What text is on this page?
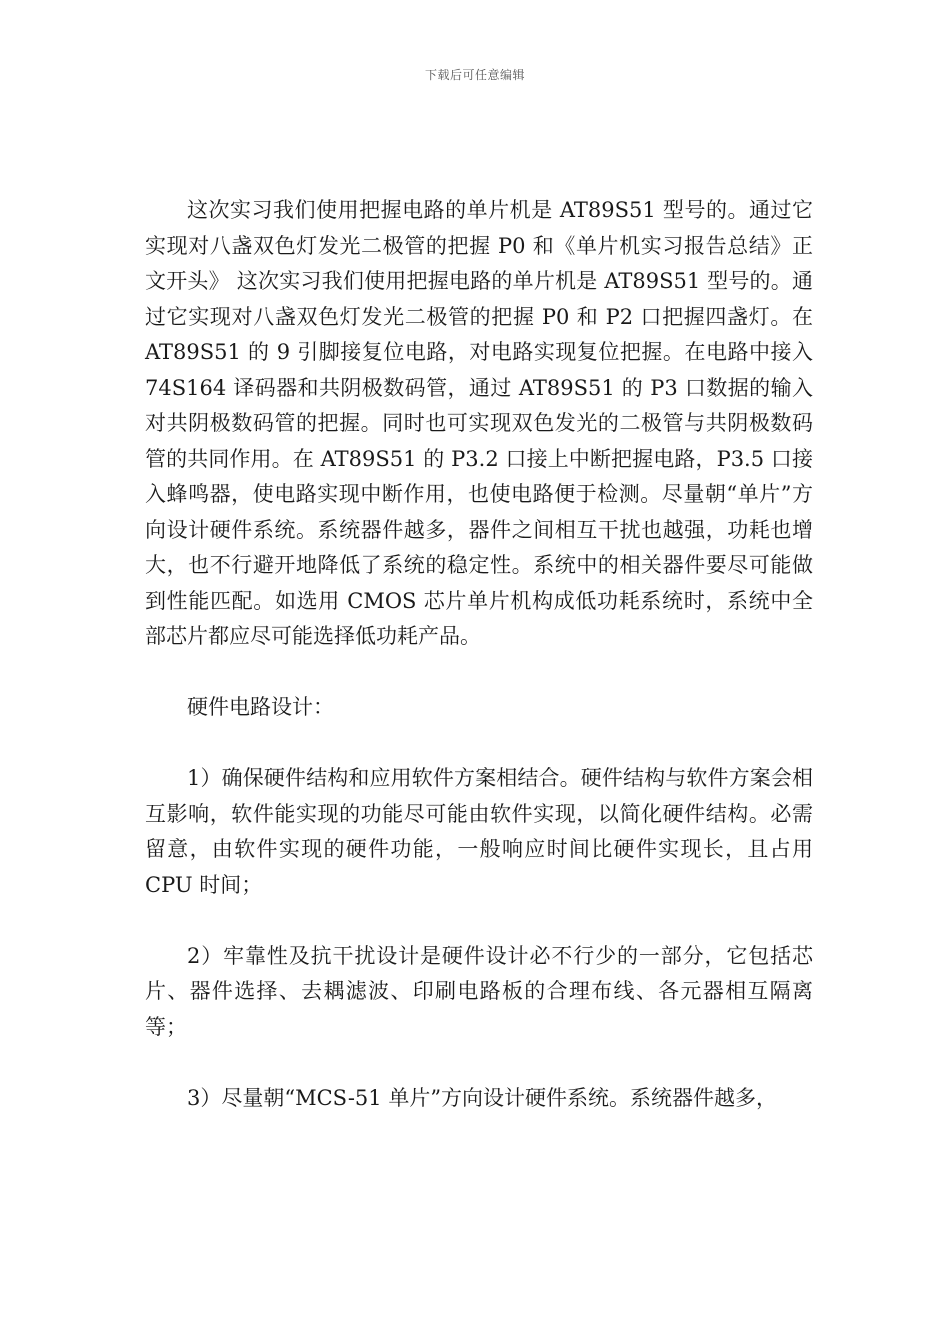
下载后可任意编辑

这次实习我们使用把握电路的单片机是 AT89S51 型号的。通过它实现对八盏双色灯发光二极管的把握 P0 和《单片机实习报告总结》正文开头》 这次实习我们使用把握电路的单片机是 AT89S51 型号的。通过它实现对八盏双色灯发光二极管的把握 P0 和 P2 口把握四盏灯。在 AT89S51 的 9 引脚接复位电路，对电路实现复位把握。在电路中接入 74S164 译码器和共阴极数码管，通过 AT89S51 的 P3 口数据的输入对共阴极数码管的把握。同时也可实现双色发光的二极管与共阴极数码管的共同作用。在 AT89S51 的 P3.2 口接上中断把握电路，P3.5 口接入蜂鸣器，使电路实现中断作用，也使电路便于检测。尽量朝“单片”方向设计硬件系统。系统器件越多，器件之间相互干扰也越强，功耗也增大，也不行避开地降低了系统的稳定性。系统中的相关器件要尽可能做到性能匹配。如选用 CMOS 芯片单片机构成低功耗系统时，系统中全部芯片都应尽可能选择低功耗产品。

硬件电路设计：

1）确保硬件结构和应用软件方案相结合。硬件结构与软件方案会相互影响，软件能实现的功能尽可能由软件实现，以简化硬件结构。必需留意，由软件实现的硬件功能，一般响应时间比硬件实现长，且占用 CPU 时间；

2）牢靠性及抗干扰设计是硬件设计必不行少的一部分，它包括芯片、器件选择、去耦滤波、印刷电路板的合理布线、各元器相互隔离等；

3）尽量朝“MCS-51 单片”方向设计硬件系统。系统器件越多，
